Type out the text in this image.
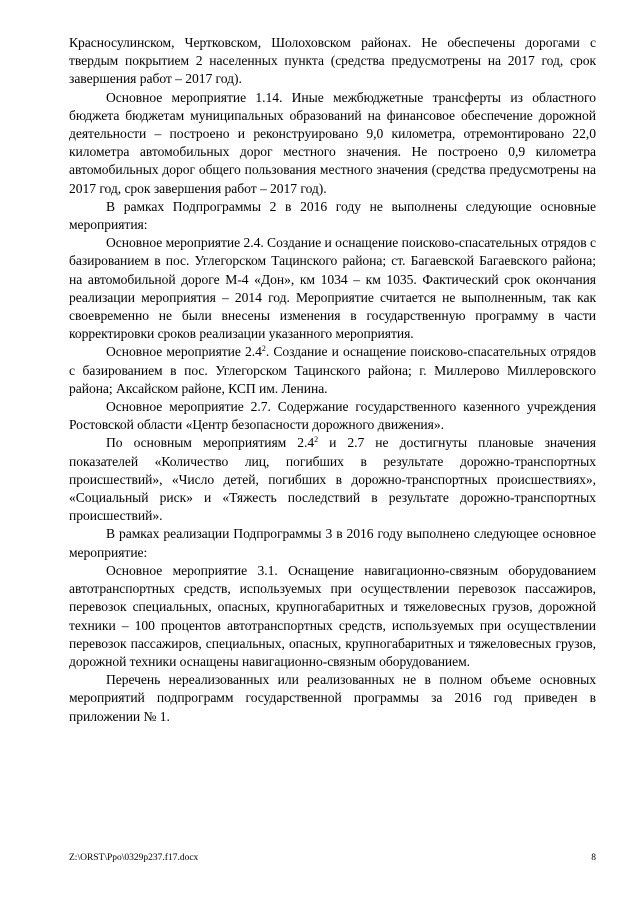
Красносулинском, Чертковском, Шолоховском районах. Не обеспечены дорогами с твердым покрытием 2 населенных пункта (средства предусмотрены на 2017 год, срок завершения работ – 2017 год).

Основное мероприятие 1.14. Иные межбюджетные трансферты из областного бюджета бюджетам муниципальных образований на финансовое обеспечение дорожной деятельности – построено и реконструировано 9,0 километра, отремонтировано 22,0 километра автомобильных дорог местного значения. Не построено 0,9 километра автомобильных дорог общего пользования местного значения (средства предусмотрены на 2017 год, срок завершения работ – 2017 год).

В рамках Подпрограммы 2 в 2016 году не выполнены следующие основные мероприятия:

Основное мероприятие 2.4. Создание и оснащение поисково-спасательных отрядов с базированием в пос. Углегорском Тацинского района; ст. Багаевской Багаевского района; на автомобильной дороге М-4 «Дон», км 1034 – км 1035. Фактический срок окончания реализации мероприятия – 2014 год. Мероприятие считается не выполненным, так как своевременно не были внесены изменения в государственную программу в части корректировки сроков реализации указанного мероприятия.

Основное мероприятие $2.4^2$. Создание и оснащение поисково-спасательных отрядов с базированием в пос. Углегорском Тацинского района; г. Миллерово Миллеровского района; Аксайском районе, КСП им. Ленина.

Основное мероприятие 2.7. Содержание государственного казенного учреждения Ростовской области «Центр безопасности дорожного движения».

По основным мероприятиям $2.4^2$ и 2.7 не достигнуты плановые значения показателей «Количество лиц, погибших в результате дорожно-транспортных происшествий», «Число детей, погибших в дорожно-транспортных происшествиях», «Социальный риск» и «Тяжесть последствий в результате дорожно-транспортных происшествий».

В рамках реализации Подпрограммы 3 в 2016 году выполнено следующее основное мероприятие:

Основное мероприятие 3.1. Оснащение навигационно-связным оборудованием автотранспортных средств, используемых при осуществлении перевозок пассажиров, перевозок специальных, опасных, крупногабаритных и тяжеловесных грузов, дорожной техники – 100 процентов автотранспортных средств, используемых при осуществлении перевозок пассажиров, специальных, опасных, крупногабаритных и тяжеловесных грузов, дорожной техники оснащены навигационно-связным оборудованием.

Перечень нереализованных или реализованных не в полном объеме основных мероприятий подпрограмм государственной программы за 2016 год приведен в приложении № 1.

Z:\ORST\Ppo\0329p237.f17.docx	8
